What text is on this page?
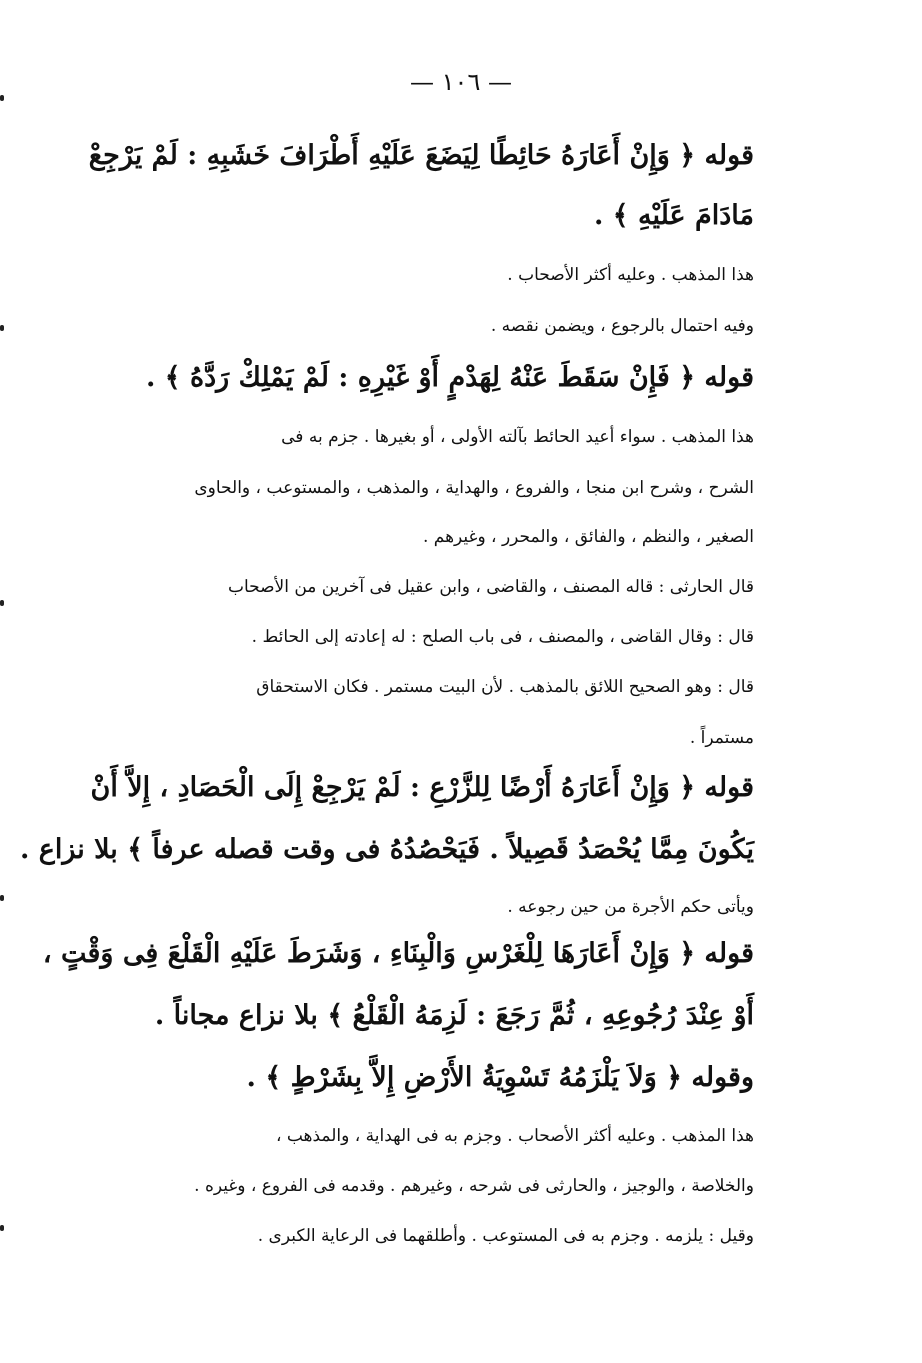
— ١٠٦ —
قوله ﴿ وَإِنْ أَعَارَهُ حَائِطًا لِيَضَعَ عَلَيْهِ أَطْرَافَ خَشَبِهِ : لَمْ يَرْجِعْ
مَادَامَ عَلَيْهِ ﴾ .
هذا المذهب . وعليه أكثر الأصحاب .
وفيه احتمال بالرجوع ، ويضمن نقصه .
قوله ﴿ فَإِنْ سَقَطَ عَنْهُ لِهَدْمٍ أَوْ غَيْرِهِ : لَمْ يَمْلِكْ رَدَّهُ ﴾ .
هذا المذهب . سواء أعيد الحائط بآلته الأولى ، أو بغيرها . جزم به فى
الشرح ، وشرح ابن منجا ، والفروع ، والهداية ، والمذهب ، والمستوعب ، والحاوى
الصغير ، والنظم ، والفائق ، والمحرر ، وغيرهم .
قال الحارثى : قاله المصنف ، والقاضى ، وابن عقيل فى آخرين من الأصحاب
قال : وقال القاضى ، والمصنف ، فى باب الصلح : له إعادته إلى الحائط .
قال : وهو الصحيح اللائق بالمذهب . لأن البيت مستمر . فكان الاستحقاق
مستمراً .
قوله ﴿ وَإِنْ أَعَارَهُ أَرْضًا لِلزَّرْعِ : لَمْ يَرْجِعْ إِلَى الْحَصَادِ ، إِلاَّ أَنْ
يَكُونَ مِمَّا يُحْصَدُ قَصِيلاً . فَيَحْصُدُهُ فى وقت قصله عرفاً ﴾ بلا نزاع .
ويأتى حكم الأجرة من حين رجوعه .
قوله ﴿ وَإِنْ أَعَارَهَا لِلْغَرْسِ وَالْبِنَاءِ ، وَشَرَطَ عَلَيْهِ الْقَلْعَ فِى وَقْتٍ ،
أَوْ عِنْدَ رُجُوعِهِ ، ثُمَّ رَجَعَ : لَزِمَهُ الْقَلْعُ ﴾ بلا نزاع مجاناً .
وقوله ﴿ وَلاَ يَلْزَمُهُ تَسْوِيَةُ الأَرْضِ إِلاَّ بِشَرْطٍ ﴾ .
هذا المذهب . وعليه أكثر الأصحاب . وجزم به فى الهداية ، والمذهب ،
والخلاصة ، والوجيز ، والحارثى فى شرحه ، وغيرهم . وقدمه فى الفروع ، وغيره .
وقيل : يلزمه . وجزم به فى المستوعب . وأطلقهما فى الرعاية الكبرى .
